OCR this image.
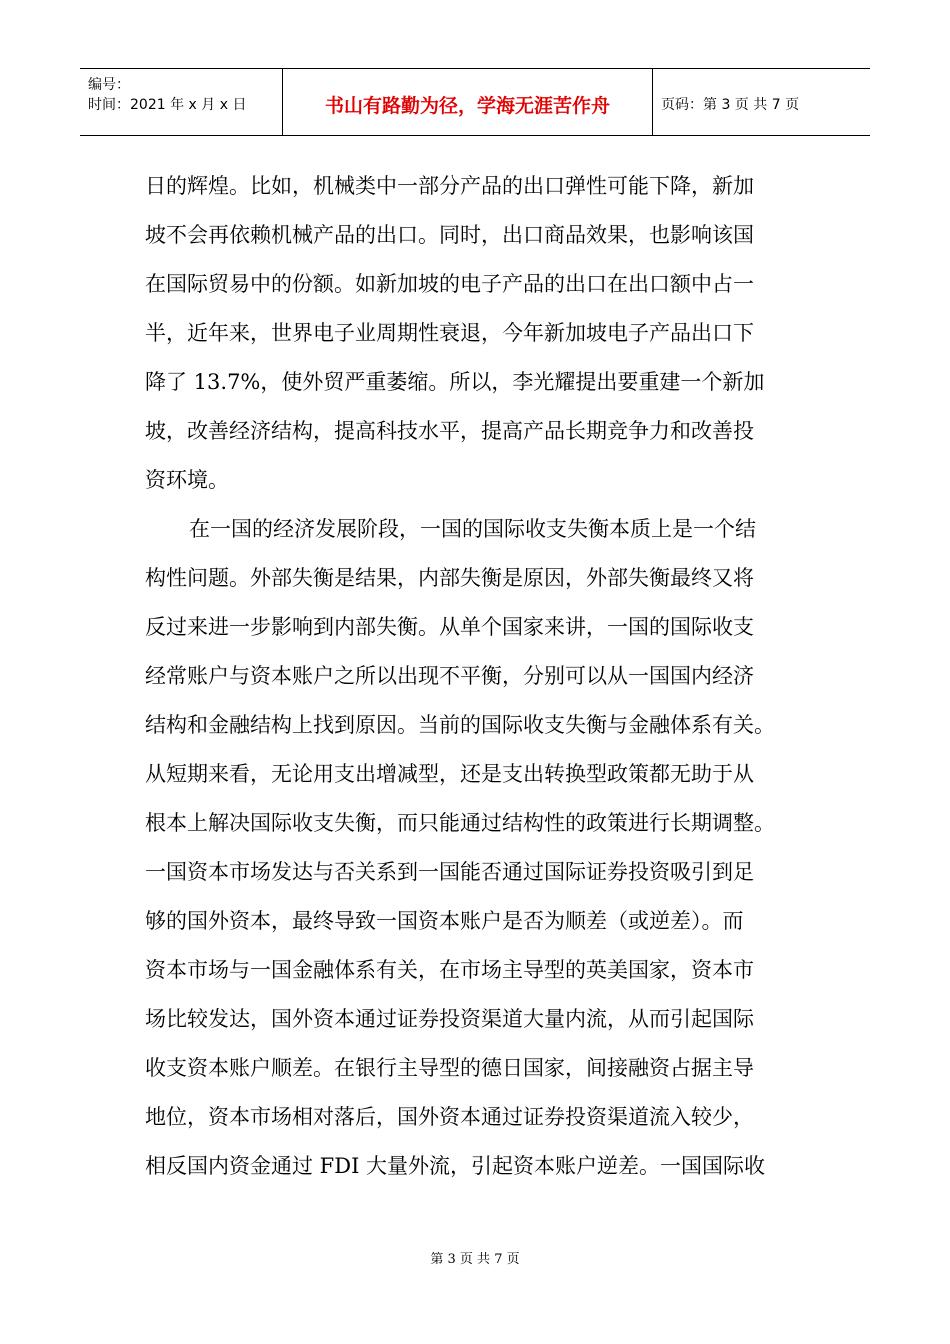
编号：
时间：2021 年 x 月 x 日	书山有路勤为径，学海无涯苦作舟	页码：第 3 页 共 7 页
日的辉煌。比如，机械类中一部分产品的出口弹性可能下降，新加
坡不会再依赖机械产品的出口。同时，出口商品效果，也影响该国
在国际贸易中的份额。如新加坡的电子产品的出口在出口额中占一
半，近年来，世界电子业周期性衰退，今年新加坡电子产品出口下
降了 13.7%，使外贸严重萎缩。所以，李光耀提出要重建一个新加
坡，改善经济结构，提高科技水平，提高产品长期竞争力和改善投
资环境。
在一国的经济发展阶段，一国的国际收支失衡本质上是一个结
构性问题。外部失衡是结果，内部失衡是原因，外部失衡最终又将
反过来进一步影响到内部失衡。从单个国家来讲，一国的国际收支
经常账户与资本账户之所以出现不平衡，分别可以从一国国内经济
结构和金融结构上找到原因。当前的国际收支失衡与金融体系有关。
从短期来看，无论用支出增减型，还是支出转换型政策都无助于从
根本上解决国际收支失衡，而只能通过结构性的政策进行长期调整。
一国资本市场发达与否关系到一国能否通过国际证券投资吸引到足
够的国外资本，最终导致一国资本账户是否为顺差（或逆差）。而
资本市场与一国金融体系有关，在市场主导型的英美国家，资本市
场比较发达，国外资本通过证券投资渠道大量内流，从而引起国际
收支资本账户顺差。在银行主导型的德日国家，间接融资占据主导
地位，资本市场相对落后，国外资本通过证券投资渠道流入较少，
相反国内资金通过 FDI 大量外流，引起资本账户逆差。一国国际收
第 3 页 共 7 页
